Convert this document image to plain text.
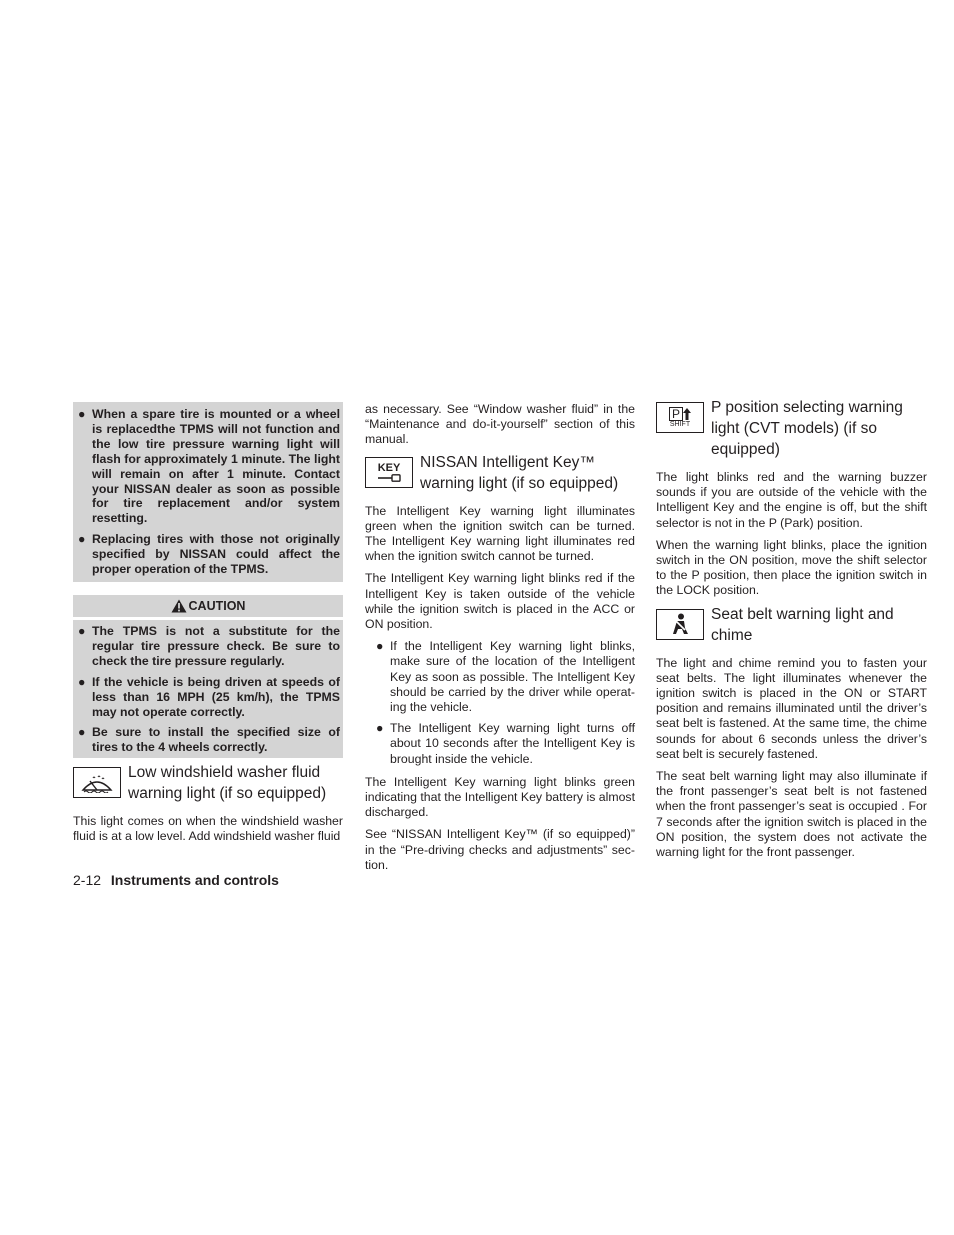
● When a spare tire is mounted or a wheel is replacedthe TPMS will not function and the low tire pressure warning light will flash for approximately 1 minute. The light will remain on after 1 minute. Contact your NISSAN dealer as soon as possible for tire replacement and/or system resetting.
● Replacing tires with those not originally specified by NISSAN could affect the proper operation of the TPMS.
CAUTION
● The TPMS is not a substitute for the regular tire pressure check. Be sure to check the tire pressure regularly.
● If the vehicle is being driven at speeds of less than 16 MPH (25 km/h), the TPMS may not operate correctly.
● Be sure to install the specified size of tires to the 4 wheels correctly.
Low windshield washer fluid warning light (if so equipped)

This light comes on when the windshield washer fluid is at a low level. Add windshield washer fluid

as necessary. See “Window washer fluid” in the “Maintenance and do-it-yourself” section of this manual.

KEY NISSAN Intelligent Key™ warning light (if so equipped)

The Intelligent Key warning light illuminates green when the ignition switch can be turned. The Intelligent Key warning light illuminates red when the ignition switch cannot be turned.

The Intelligent Key warning light blinks red if the Intelligent Key is taken outside of the vehicle while the ignition switch is placed in the ACC or ON position.

● If the Intelligent Key warning light blinks, make sure of the location of the Intelligent Key as soon as possible. The Intelligent Key should be carried by the driver while operat-ing the vehicle.
● The Intelligent Key warning light turns off about 10 seconds after the Intelligent Key is brought inside the vehicle.

The Intelligent Key warning light blinks green indicating that the Intelligent Key battery is almost discharged.

See “NISSAN Intelligent Key™ (if so equipped)” in the “Pre-driving checks and adjustments” sec-tion.

P
SHIFT
P position selecting warning light (CVT models) (if so equipped)

The light blinks red and the warning buzzer sounds if you are outside of the vehicle with the Intelligent Key and the engine is off, but the shift selector is not in the P (Park) position.

When the warning light blinks, place the ignition switch in the ON position, move the shift selector to the P position, then place the ignition switch in the LOCK position.

Seat belt warning light and chime

The light and chime remind you to fasten your seat belts. The light illuminates whenever the ignition switch is placed in the ON or START position and remains illuminated until the driver’s seat belt is fastened. At the same time, the chime sounds for about 6 seconds unless the driver’s seat belt is securely fastened.

The seat belt warning light may also illuminate if the front passenger’s seat belt is not fastened when the front passenger’s seat is occupied . For 7 seconds after the ignition switch is placed in the ON position, the system does not activate the warning light for the front passenger.

2-12 Instruments and controls
